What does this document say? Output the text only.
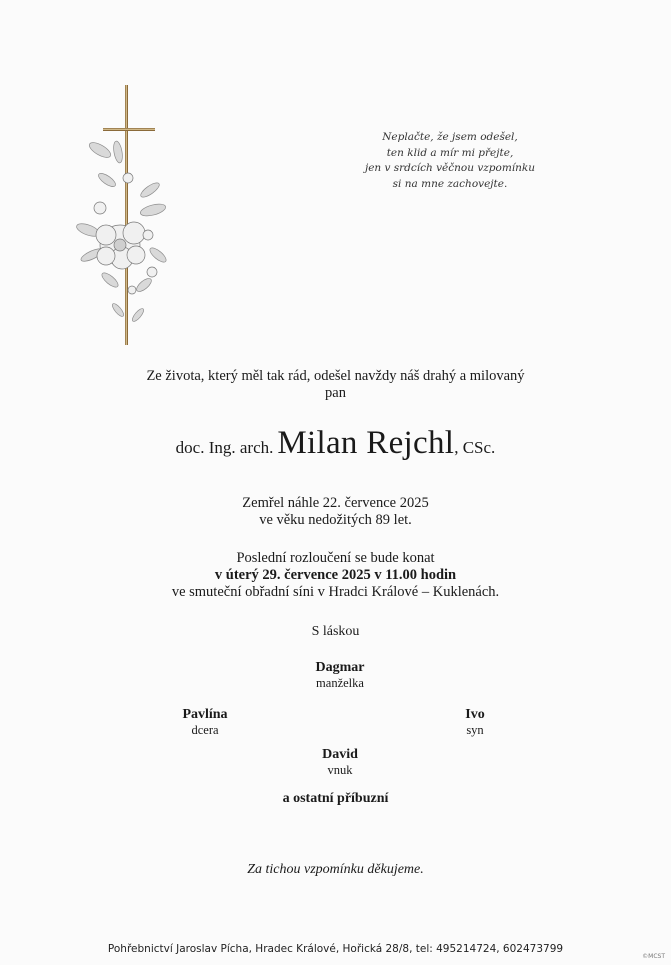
Neplačte, že jsem odešel,
ten klid a mír mi přejte,
jen v srdcích věčnou vzpomínku
si na mne zachovejte.
Ze života, který měl tak rád, odešel navždy náš drahý a milovaný
pan
doc. Ing. arch. Milan Rejchl, CSc.
Zemřel náhle 22. července 2025
ve věku nedožitých 89 let.
Poslední rozloučení se bude konat
v úterý 29. července 2025 v 11.00 hodin
ve smuteční obřadní síni v Hradci Králové – Kuklenách.
S láskou
Dagmar
manželka
Pavlína
dcera
Ivo
syn
David
vnuk
a ostatní příbuzní
Za tichou vzpomínku děkujeme.
Pohřebnictví Jaroslav Pícha, Hradec Králové, Hořická 28/8, tel: 495214724, 602473799
©MCST
